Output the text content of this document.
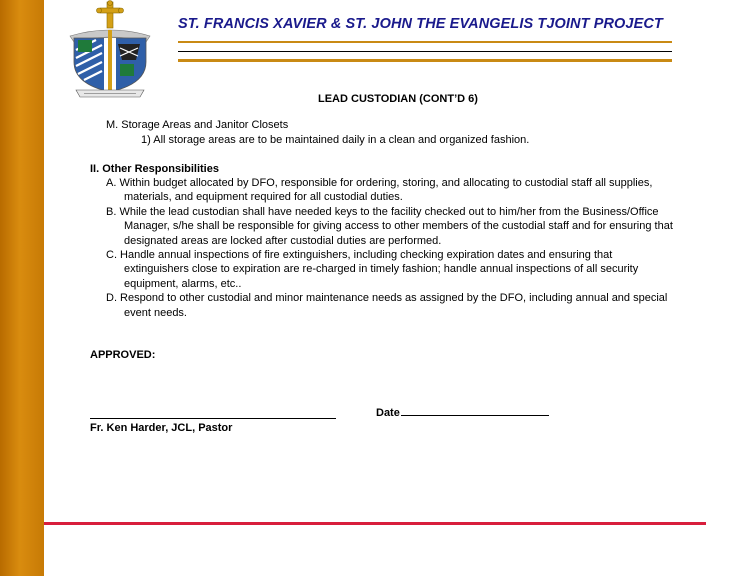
ST. FRANCIS XAVIER & ST. JOHN THE EVANGELIS TJOINT PROJECT
LEAD CUSTODIAN (CONT’D 6)
M. Storage Areas and Janitor Closets
1) All storage areas are to be maintained daily in a clean and organized fashion.
II. Other Responsibilities
A. Within budget allocated by DFO, responsible for ordering, storing, and allocating to custodial staff all supplies,
materials, and equipment required for all custodial duties.
B. While the lead custodian shall have needed keys to the facility checked out to him/her from the Business/Office
Manager, s/he shall be responsible for giving access to other members of the custodial staff and for ensuring that
designated areas are locked after custodial duties are performed.
C. Handle annual inspections of fire extinguishers, including checking expiration dates and ensuring that
extinguishers close to expiration are re-charged in timely fashion; handle annual inspections of all security
equipment, alarms, etc..
D. Respond to other custodial and minor maintenance needs as assigned by the DFO, including annual and special
event needs.
APPROVED:
Date
Fr. Ken Harder, JCL, Pastor
